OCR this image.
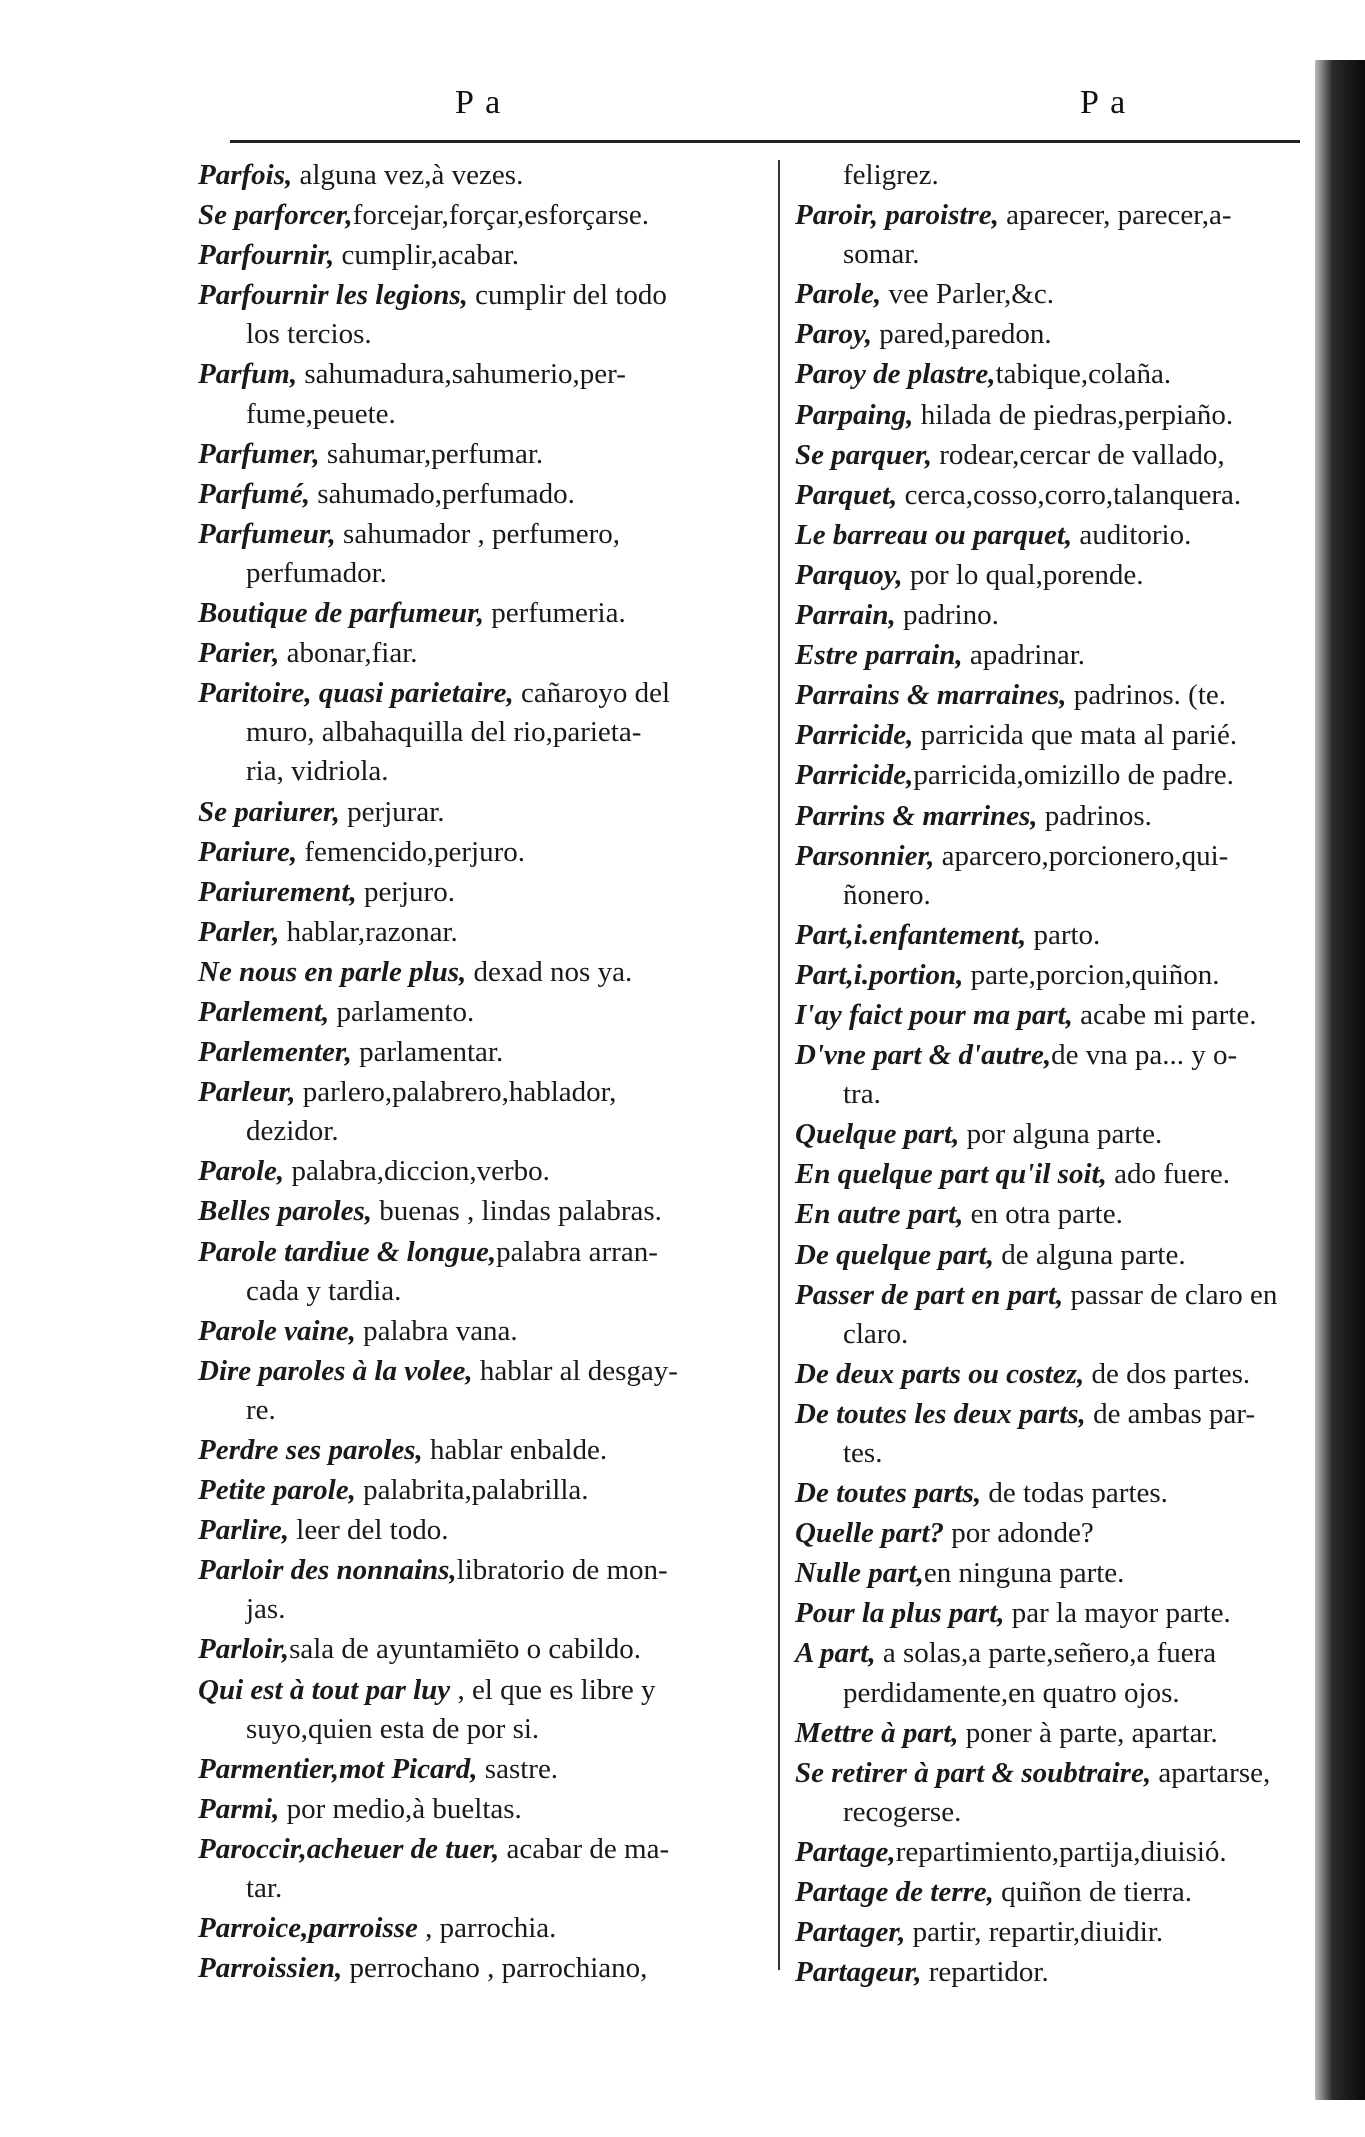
P a	P a
Parfois, alguna vez,à vezes.
Se parforcer,forcejar,forçar,esforçarse.
Parfournir, cumplir,acabar.
Parfournir les legions, cumplir del todo
los tercios.
Parfum, sahumadura,sahumerio,per-
fume,peuete.
Parfumer, sahumar,perfumar.
Parfumé, sahumado,perfumado.
Parfumeur, sahumador , perfumero,
perfumador.
Boutique de parfumeur, perfumeria.
Parier, abonar,fiar.
Paritoire, quasi parietaire, cañaroyo del
muro, albahaquilla del rio,parieta-
ria, vidriola.
Se pariurer, perjurar.
Pariure, femencido,perjuro.
Pariurement, perjuro.
Parler, hablar,razonar.
Ne nous en parle plus, dexad nos ya.
Parlement, parlamento.
Parlementer, parlamentar.
Parleur, parlero,palabrero,hablador,
dezidor.
Parole, palabra,diccion,verbo.
Belles paroles, buenas , lindas palabras.
Parole tardiue & longue,palabra arran-
cada y tardia.
Parole vaine, palabra vana.
Dire paroles à la volee, hablar al desgay-
re.
Perdre ses paroles, hablar enbalde.
Petite parole, palabrita,palabrilla.
Parlire, leer del todo.
Parloir des nonnains,libratorio de mon-
jas.
Parloir,sala de ayuntamiēto o cabildo.
Qui est à tout par luy , el que es libre y
suyo,quien esta de por si.
Parmentier,mot Picard, sastre.
Parmi, por medio,à bueltas.
Paroccir,acheuer de tuer, acabar de ma-
tar.
Parroice,parroisse , parrochia.
Parroissien, perrochano , parrochiano,
feligrez.
Paroir, paroistre, aparecer, parecer,a-
somar.
Parole, vee Parler,&c.
Paroy, pared,paredon.
Paroy de plastre,tabique,colaña.
Parpaing, hilada de piedras,perpiaño.
Se parquer, rodear,cercar de vallado,
Parquet, cerca,cosso,corro,talanquera.
Le barreau ou parquet, auditorio.
Parquoy, por lo qual,porende.
Parrain, padrino.
Estre parrain, apadrinar.
Parrains & marraines, padrinos. (te.
Parricide, parricida que mata al parié.
Parricide,parricida,omizillo de padre.
Parrins & marrines, padrinos.
Parsonnier, aparcero,porcionero,qui-
ñonero.
Part,i.enfantement, parto.
Part,i.portion, parte,porcion,quiñon.
I'ay faict pour ma part, acabe mi parte.
D'vne part & d'autre,de vna pa... y o-
tra.
Quelque part, por alguna parte.
En quelque part qu'il soit, ado fuere.
En autre part, en otra parte.
De quelque part, de alguna parte.
Passer de part en part, passar de claro en
claro.
De deux parts ou costez, de dos partes.
De toutes les deux parts, de ambas par-
tes.
De toutes parts, de todas partes.
Quelle part? por adonde?
Nulle part,en ninguna parte.
Pour la plus part, par la mayor parte.
A part, a solas,a parte,señero,a fuera
perdidamente,en quatro ojos.
Mettre à part, poner à parte, apartar.
Se retirer à part & soubtraire, apartarse,
recogerse.
Partage,repartimiento,partija,diuisió.
Partage de terre, quiñon de tierra.
Partager, partir, repartir,diuidir.
Partageur, repartidor.
